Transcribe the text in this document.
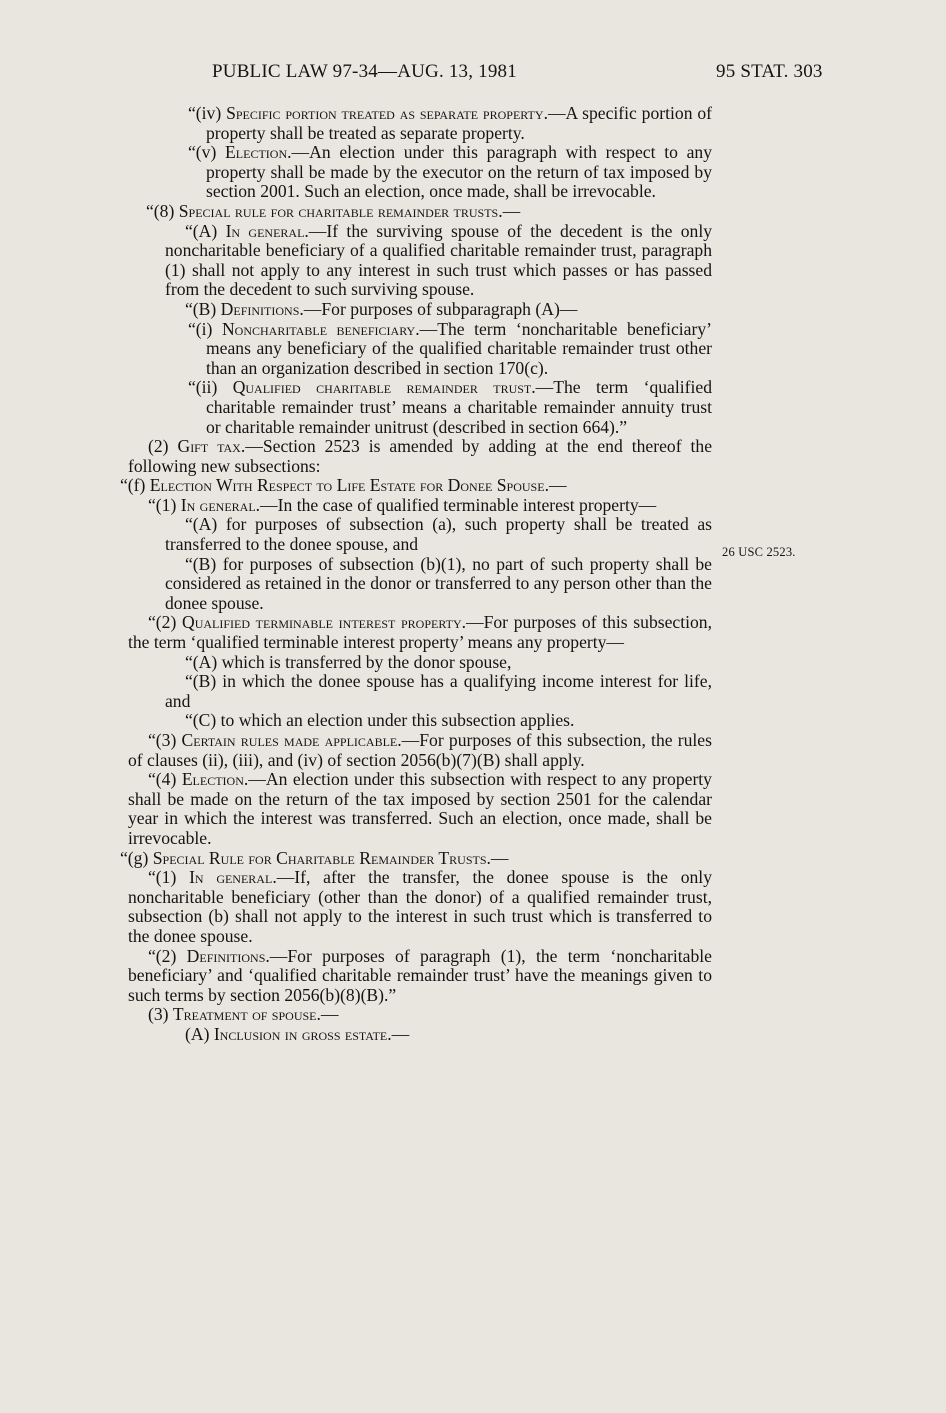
PUBLIC LAW 97-34—AUG. 13, 1981	95 STAT. 303
26 USC 2523.

“(iv) Specific portion treated as separate property.—A specific portion of property shall be treated as separate property.

“(v) Election.—An election under this paragraph with respect to any property shall be made by the executor on the return of tax imposed by section 2001. Such an election, once made, shall be irrevocable.

“(8) Special rule for charitable remainder trusts.—

“(A) In general.—If the surviving spouse of the decedent is the only noncharitable beneficiary of a qualified charitable remainder trust, paragraph (1) shall not apply to any interest in such trust which passes or has passed from the decedent to such surviving spouse.

“(B) Definitions.—For purposes of subparagraph (A)—

“(i) Noncharitable beneficiary.—The term ‘noncharitable beneficiary’ means any beneficiary of the qualified charitable remainder trust other than an organization described in section 170(c).

“(ii) Qualified charitable remainder trust.—The term ‘qualified charitable remainder trust’ means a charitable remainder annuity trust or charitable remainder unitrust (described in section 664).”

(2) Gift tax.—Section 2523 is amended by adding at the end thereof the following new subsections:

“(f) Election With Respect to Life Estate for Donee Spouse.—

“(1) In general.—In the case of qualified terminable interest property—

“(A) for purposes of subsection (a), such property shall be treated as transferred to the donee spouse, and

“(B) for purposes of subsection (b)(1), no part of such property shall be considered as retained in the donor or transferred to any person other than the donee spouse.

“(2) Qualified terminable interest property.—For purposes of this subsection, the term ‘qualified terminable interest property’ means any property—

“(A) which is transferred by the donor spouse,

“(B) in which the donee spouse has a qualifying income interest for life, and

“(C) to which an election under this subsection applies.

“(3) Certain rules made applicable.—For purposes of this subsection, the rules of clauses (ii), (iii), and (iv) of section 2056(b)(7)(B) shall apply.

“(4) Election.—An election under this subsection with respect to any property shall be made on the return of the tax imposed by section 2501 for the calendar year in which the interest was transferred. Such an election, once made, shall be irrevocable.

“(g) Special Rule for Charitable Remainder Trusts.—

“(1) In general.—If, after the transfer, the donee spouse is the only noncharitable beneficiary (other than the donor) of a qualified remainder trust, subsection (b) shall not apply to the interest in such trust which is transferred to the donee spouse.

“(2) Definitions.—For purposes of paragraph (1), the term ‘noncharitable beneficiary’ and ‘qualified charitable remainder trust’ have the meanings given to such terms by section 2056(b)(8)(B).”

(3) Treatment of spouse.—

(A) Inclusion in gross estate.—
